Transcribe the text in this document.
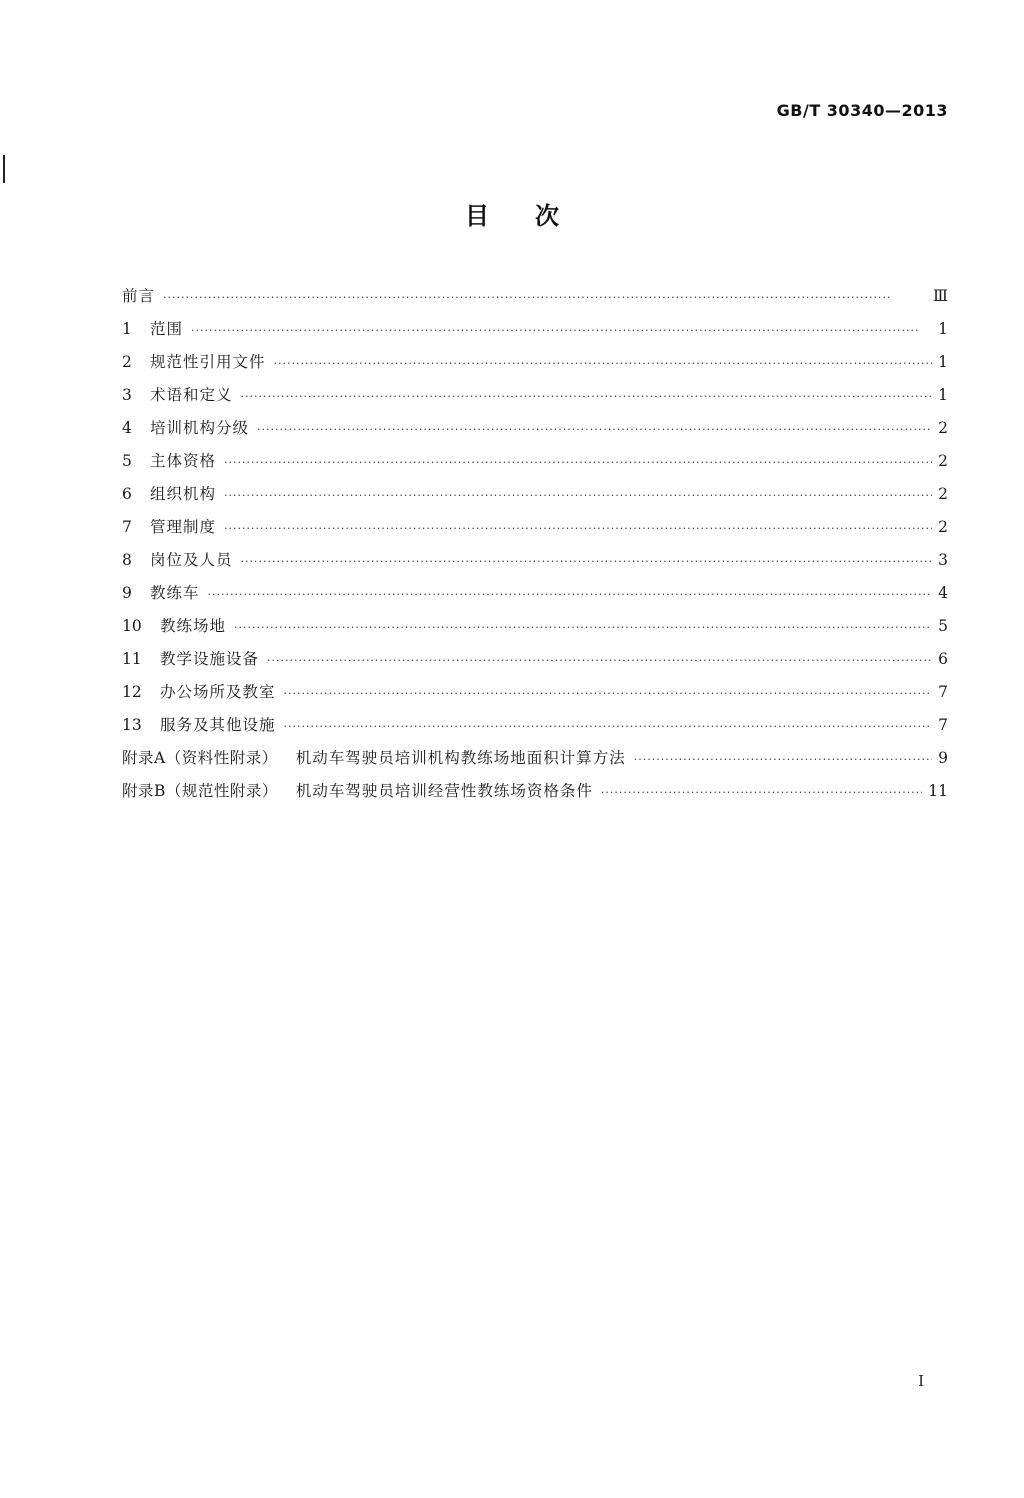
GB/T 30340—2013
目次
前言 ·····	Ⅲ
1	范围 ·····	1
2	规范性引用文件 ·····	1
3	术语和定义 ·····	1
4	培训机构分级 ·····	2
5	主体资格 ·····	2
6	组织机构 ·····	2
7	管理制度 ·····	2
8	岗位及人员 ·····	3
9	教练车 ·····	4
10	教练场地 ·····	5
11	教学设施设备 ·····	6
12	办公场所及教室 ·····	7
13	服务及其他设施 ·····	7
附录A（资料性附录） 机动车驾驶员培训机构教练场地面积计算方法 ·····	9
附录B（规范性附录） 机动车驾驶员培训经营性教练场资格条件 ·····	11
I
